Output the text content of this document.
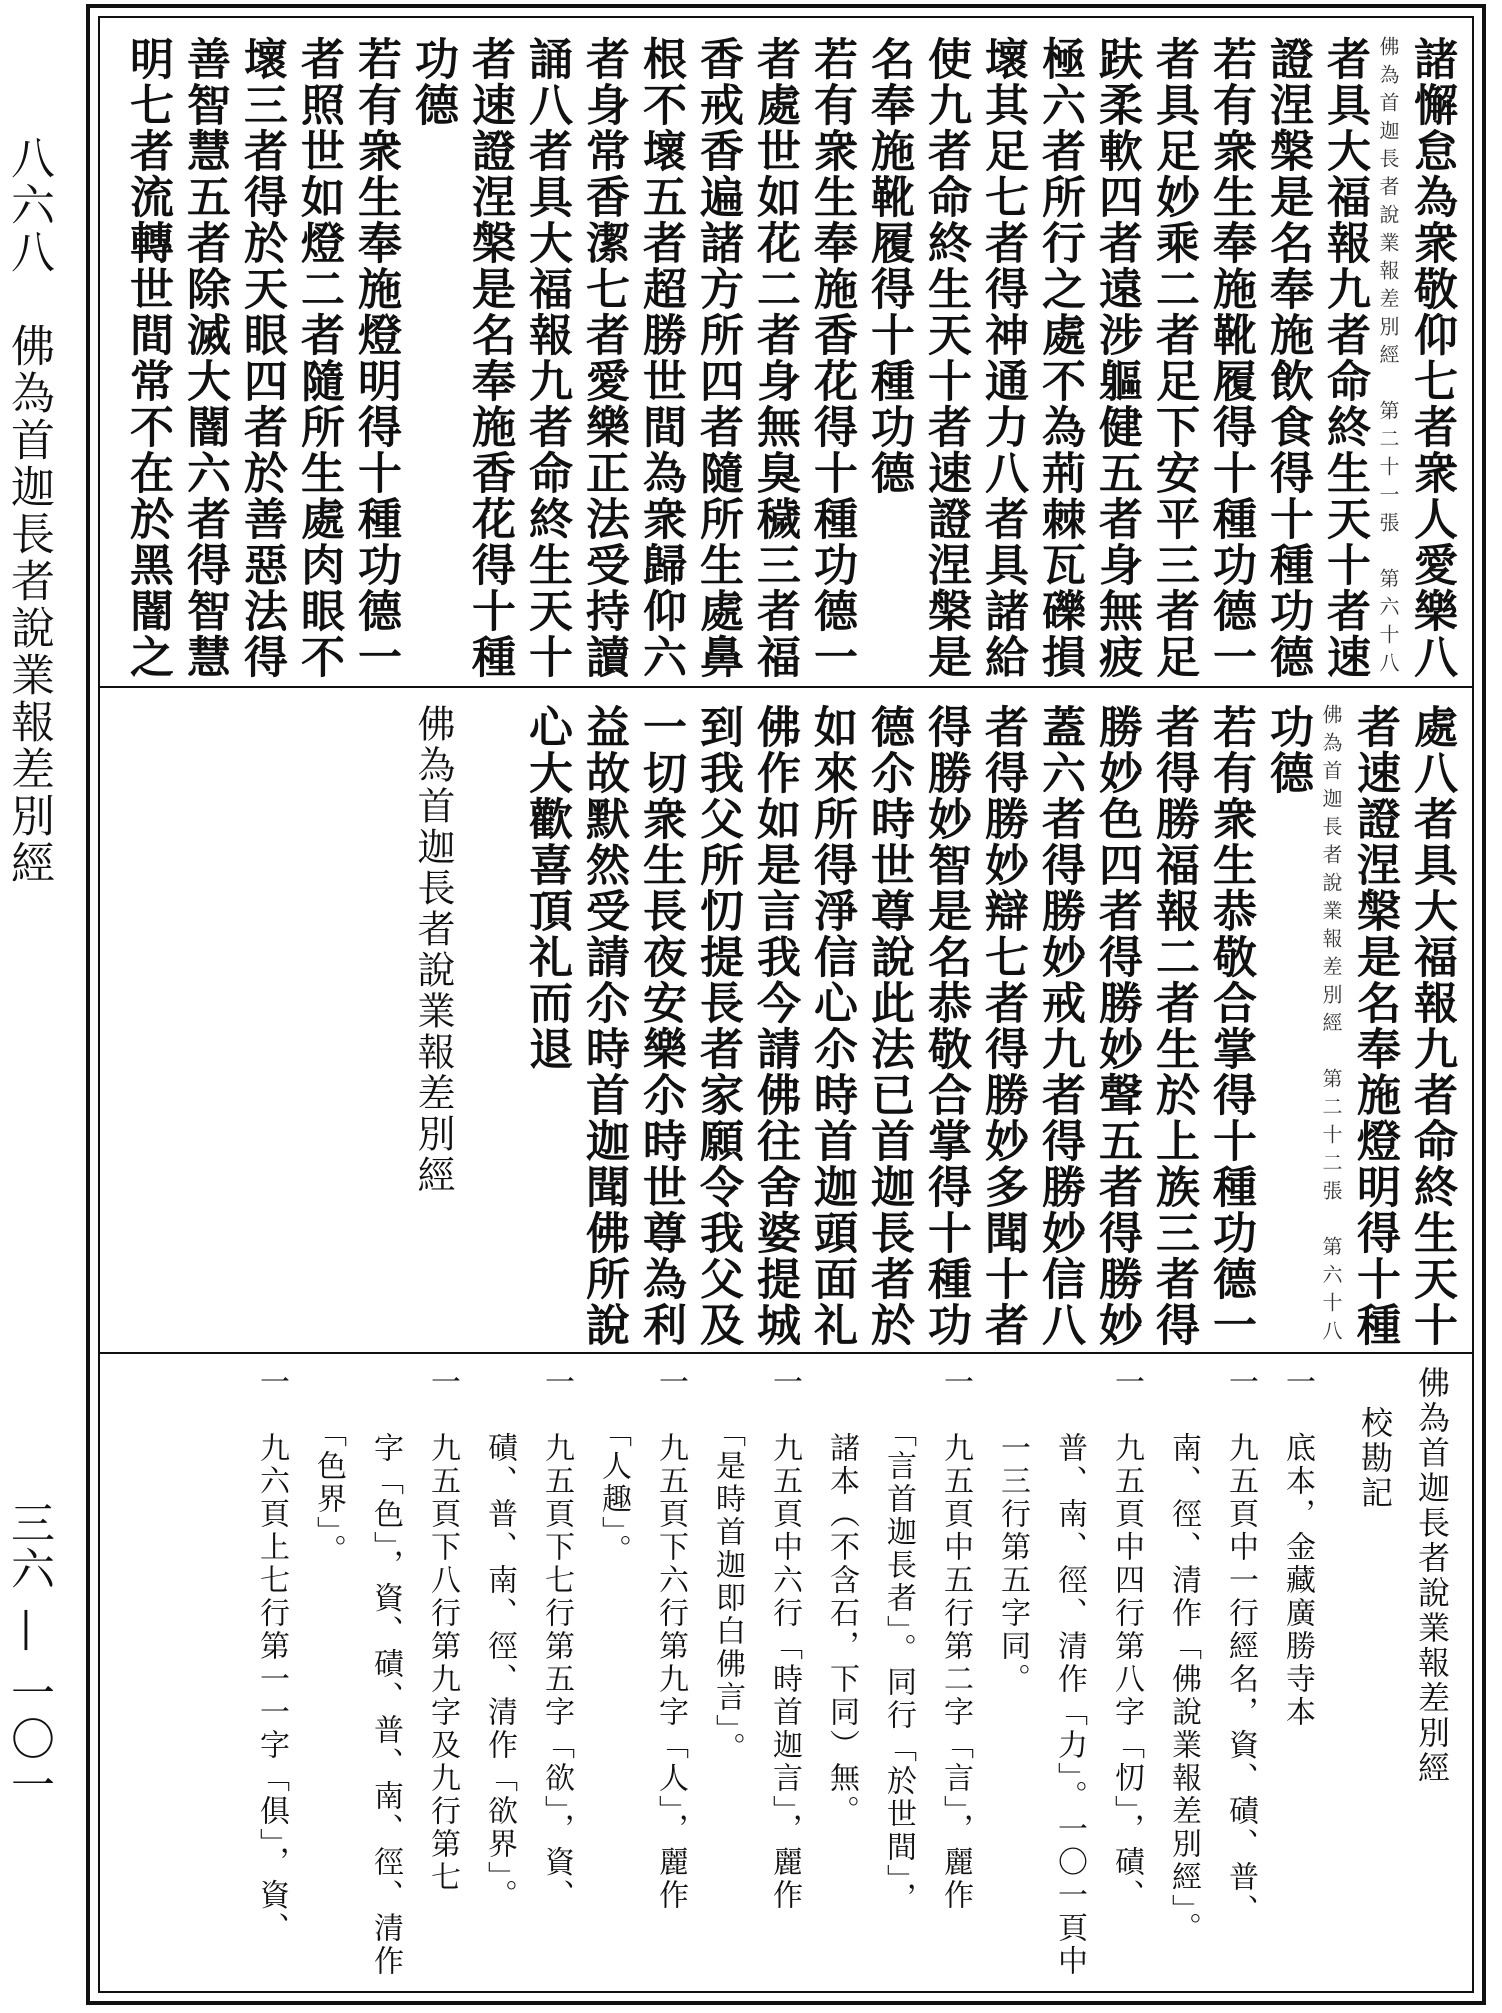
八六八　佛為首迦長者說業報差別經
三六 — 一〇一
諸懈怠為衆敬仰七者衆人愛樂八
佛為首迦長者說業報差別經　第二十一張　第六十八
者具大福報九者命終生天十者速
證涅槃是名奉施飲食得十種功德
若有衆生奉施靴履得十種功德一
者具足妙乘二者足下安平三者足
趺柔軟四者遠涉軀健五者身無疲
極六者所行之處不為荊棘瓦礫損
壞其足七者得神通力八者具諸給
使九者命終生天十者速證涅槃是
名奉施靴履得十種功德
若有衆生奉施香花得十種功德一
者處世如花二者身無臭穢三者福
香戒香遍諸方所四者隨所生處鼻
根不壞五者超勝世間為衆歸仰六
者身常香潔七者愛樂正法受持讀
誦八者具大福報九者命終生天十
者速證涅槃是名奉施香花得十種
功德
若有衆生奉施燈明得十種功德一
者照世如燈二者隨所生處肉眼不
壞三者得於天眼四者於善惡法得
善智慧五者除滅大闇六者得智慧
明七者流轉世間常不在於黑闇之
處八者具大福報九者命終生天十
者速證涅槃是名奉施燈明得十種
佛為首迦長者說業報差別經　第二十二張　第六十八
功德
若有衆生恭敬合掌得十種功德一
者得勝福報二者生於上族三者得
勝妙色四者得勝妙聲五者得勝妙
蓋六者得勝妙戒九者得勝妙信八
者得勝妙辯七者得勝妙多聞十者
得勝妙智是名恭敬合掌得十種功
德尒時世尊說此法已首迦長者於
如來所得淨信心尒時首迦頭面礼
佛作如是言我今請佛往舍婆提城
到我父所忉提長者家願令我父及
一切衆生長夜安樂尒時世尊為利
益故默然受請尒時首迦聞佛所說
心大歡喜頂礼而退
佛為首迦長者說業報差別經
佛為首迦長者說業報差別經
校勘記
一　底本，金藏廣勝寺本
一　九五頁中一行經名，資、磧、普、
　　南、徑、清作「佛說業報差別經」。
一　九五頁中四行第八字「忉」，磧、
　　普、南、徑、清作「力」。一〇一頁中
　　一三行第五字同。
一　九五頁中五行第二字「言」，麗作
　　「言首迦長者」。同行「於世間」，
　　諸本（不含石，下同）無。
一　九五頁中六行「時首迦言」，麗作
　　「是時首迦即白佛言」。
一　九五頁下六行第九字「人」，麗作
　　「人趣」。
一　九五頁下七行第五字「欲」，資、
　　磧、普、南、徑、清作「欲界」。
一　九五頁下八行第九字及九行第七
　　字「色」，資、磧、普、南、徑、清作
　　「色界」。
一　九六頁上七行第一一字「俱」，資、
